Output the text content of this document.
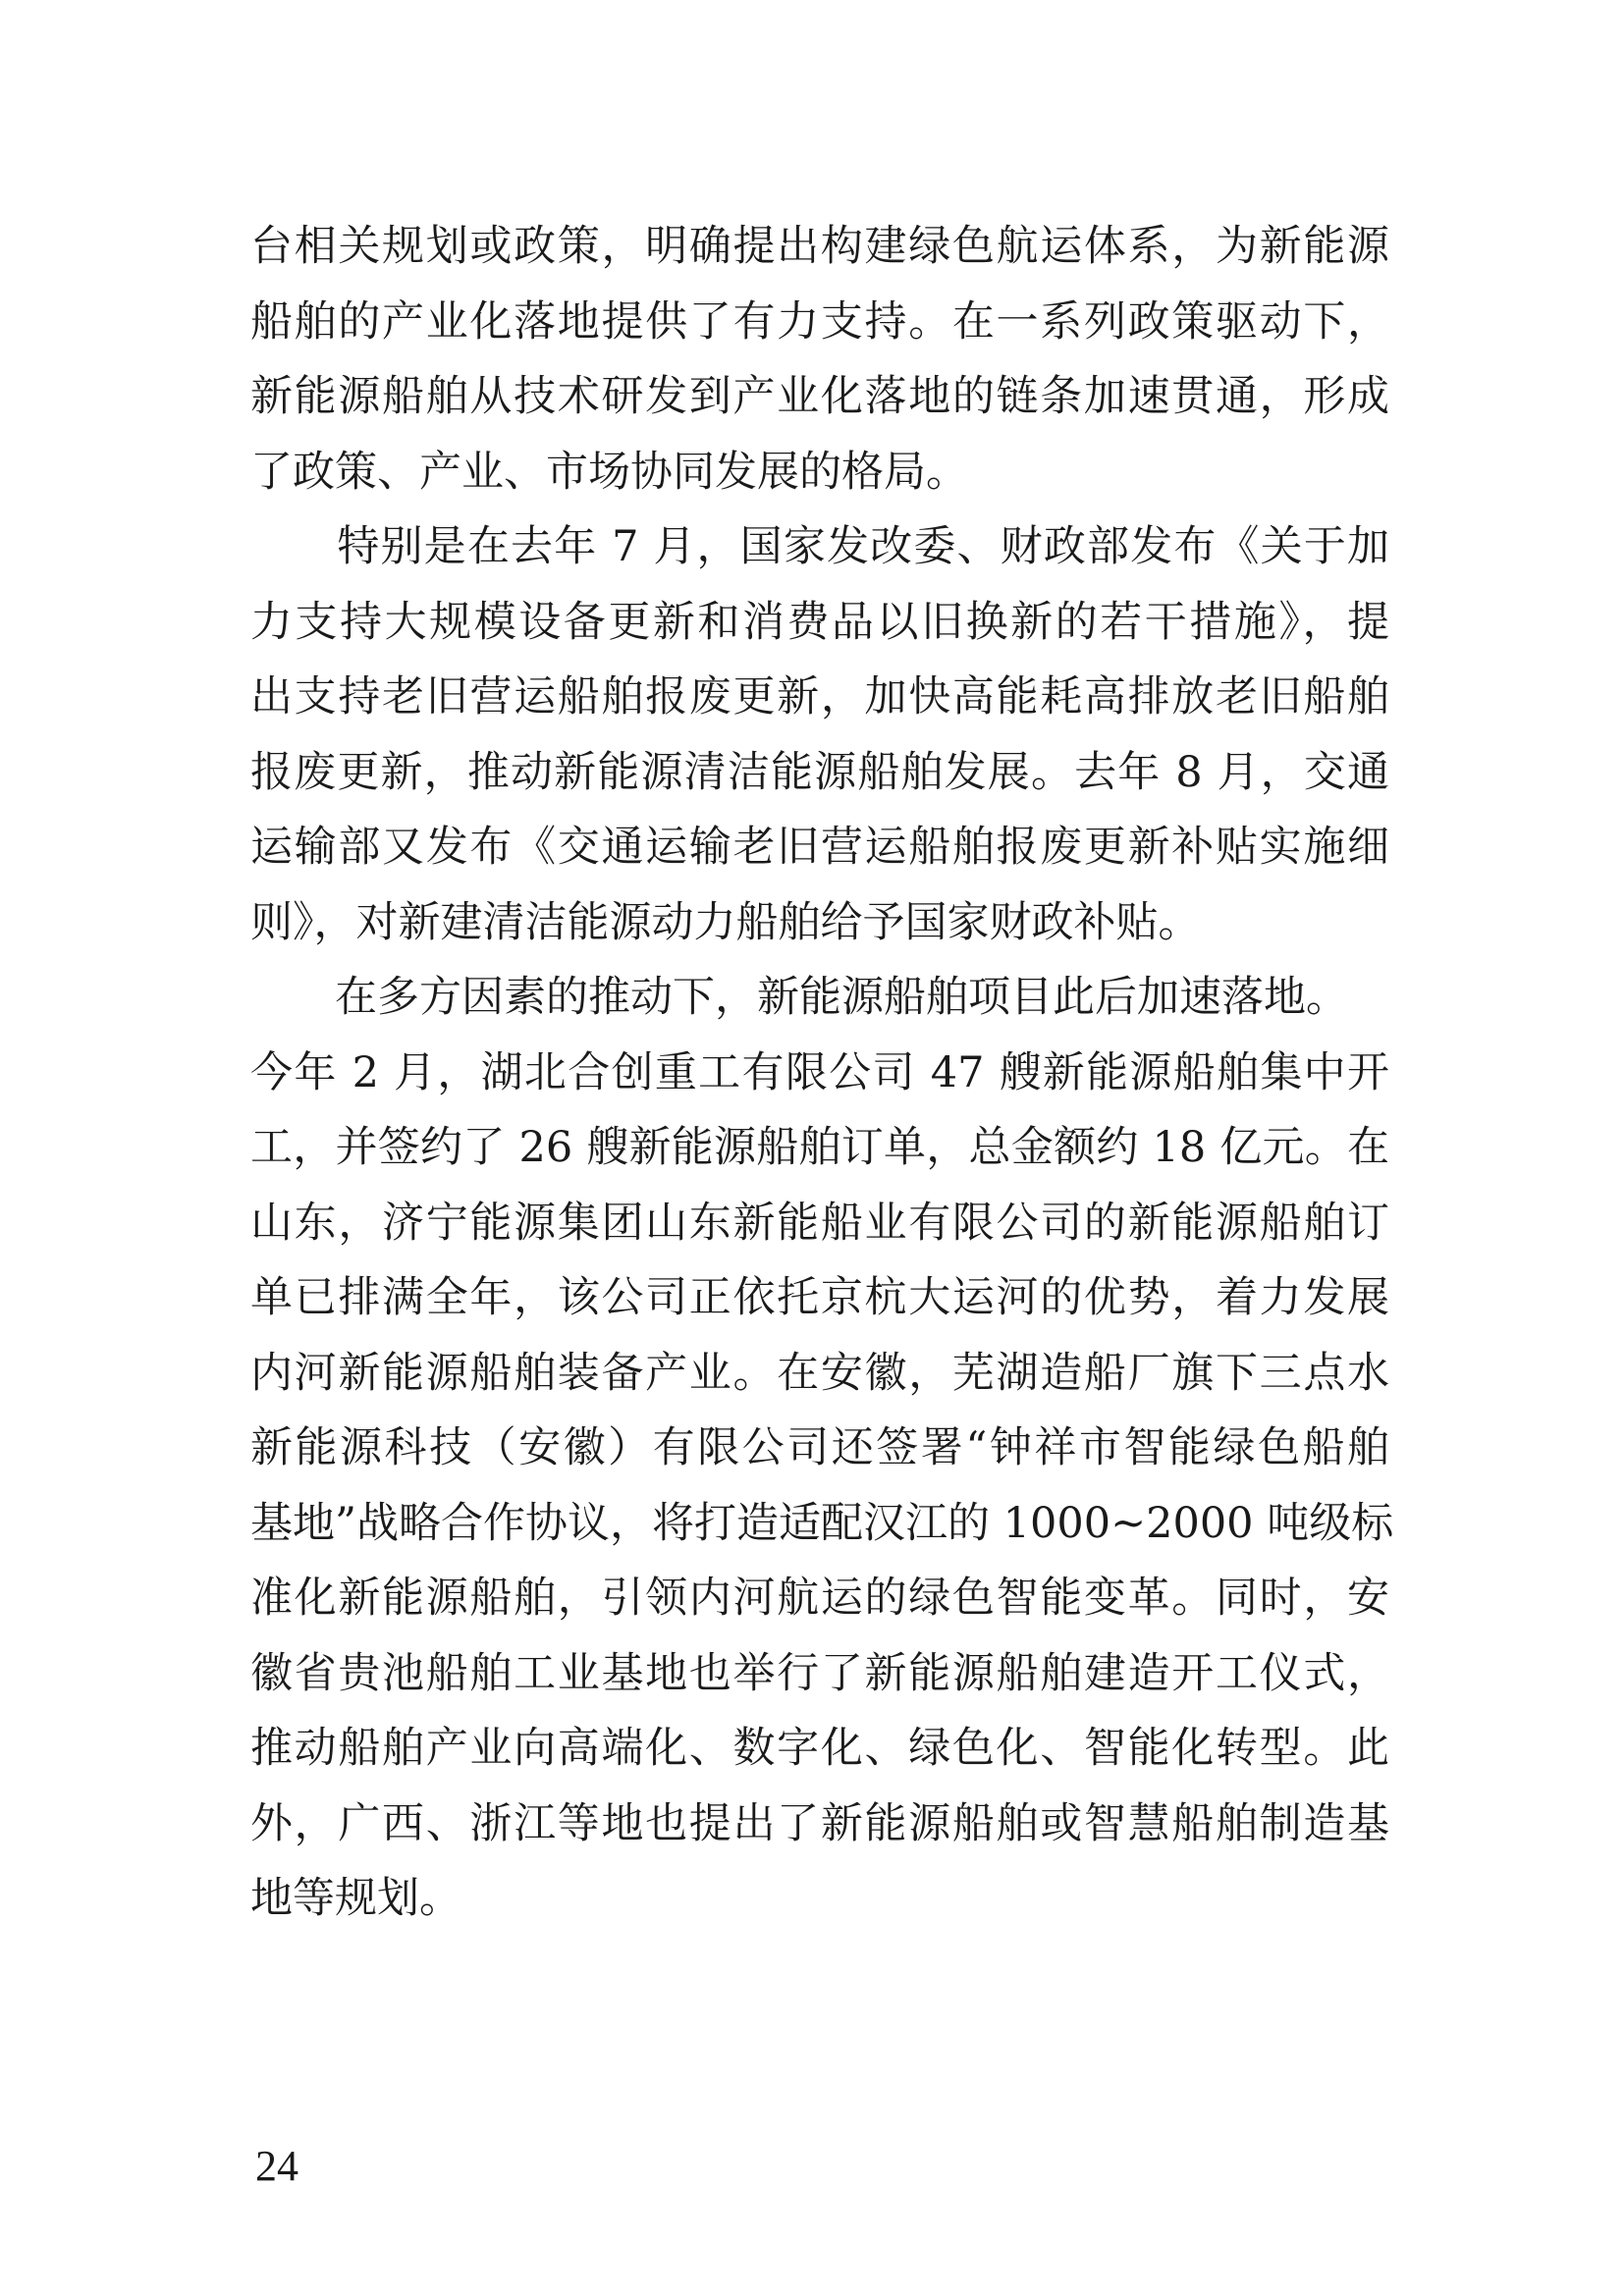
台相关规划或政策，明确提出构建绿色航运体系，为新能源
船舶的产业化落地提供了有力支持。在一系列政策驱动下，
新能源船舶从技术研发到产业化落地的链条加速贯通，形成
了政策、产业、市场协同发展的格局。
　　特别是在去年 7 月，国家发改委、财政部发布《关于加
力支持大规模设备更新和消费品以旧换新的若干措施》，提
出支持老旧营运船舶报废更新，加快高能耗高排放老旧船舶
报废更新，推动新能源清洁能源船舶发展。去年 8 月，交通
运输部又发布《交通运输老旧营运船舶报废更新补贴实施细
则》，对新建清洁能源动力船舶给予国家财政补贴。
　　在多方因素的推动下，新能源船舶项目此后加速落地。
今年 2 月，湖北合创重工有限公司 47 艘新能源船舶集中开
工，并签约了 26 艘新能源船舶订单，总金额约 18 亿元。在
山东，济宁能源集团山东新能船业有限公司的新能源船舶订
单已排满全年，该公司正依托京杭大运河的优势，着力发展
内河新能源船舶装备产业。在安徽，芜湖造船厂旗下三点水
新能源科技（安徽）有限公司还签署“钟祥市智能绿色船舶
基地”战略合作协议，将打造适配汉江的 1000~2000 吨级标
准化新能源船舶，引领内河航运的绿色智能变革。同时，安
徽省贵池船舶工业基地也举行了新能源船舶建造开工仪式，
推动船舶产业向高端化、数字化、绿色化、智能化转型。此
外，广西、浙江等地也提出了新能源船舶或智慧船舶制造基
地等规划。
24
